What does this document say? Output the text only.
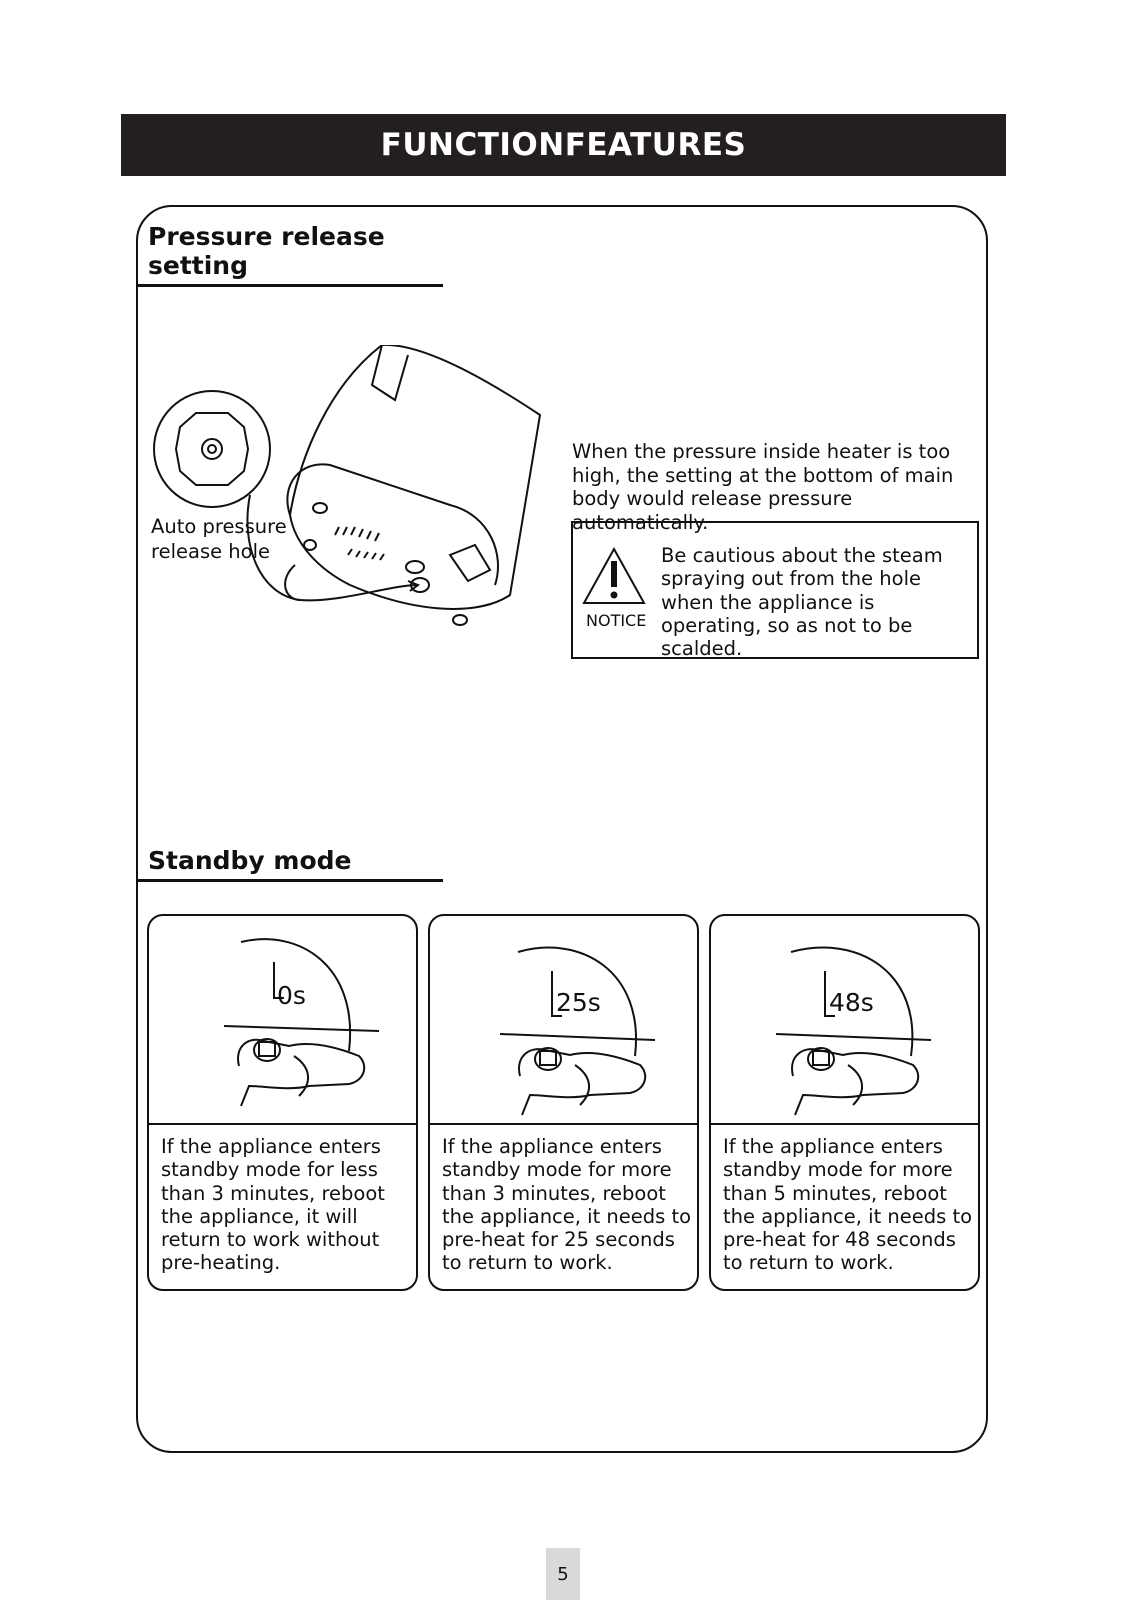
FUNCTIONFEATURES
Pressure release setting
Auto pressure
release hole
When the pressure inside heater is too high, the setting at the bottom of main body would release pressure automatically.
NOTICE
Be cautious about the steam spraying out from the hole when the appliance is operating, so as not to be scalded.
Standby mode
0s
If the appliance enters standby mode for less than 3 minutes, reboot the appliance, it will return to work without pre-heating.
25s
If the appliance enters standby mode for more than 3 minutes, reboot the appliance, it needs to pre-heat for 25 seconds to return to work.
48s
If the appliance enters standby mode for more than 5 minutes, reboot the appliance, it needs to pre-heat for 48 seconds to return to work.
5
